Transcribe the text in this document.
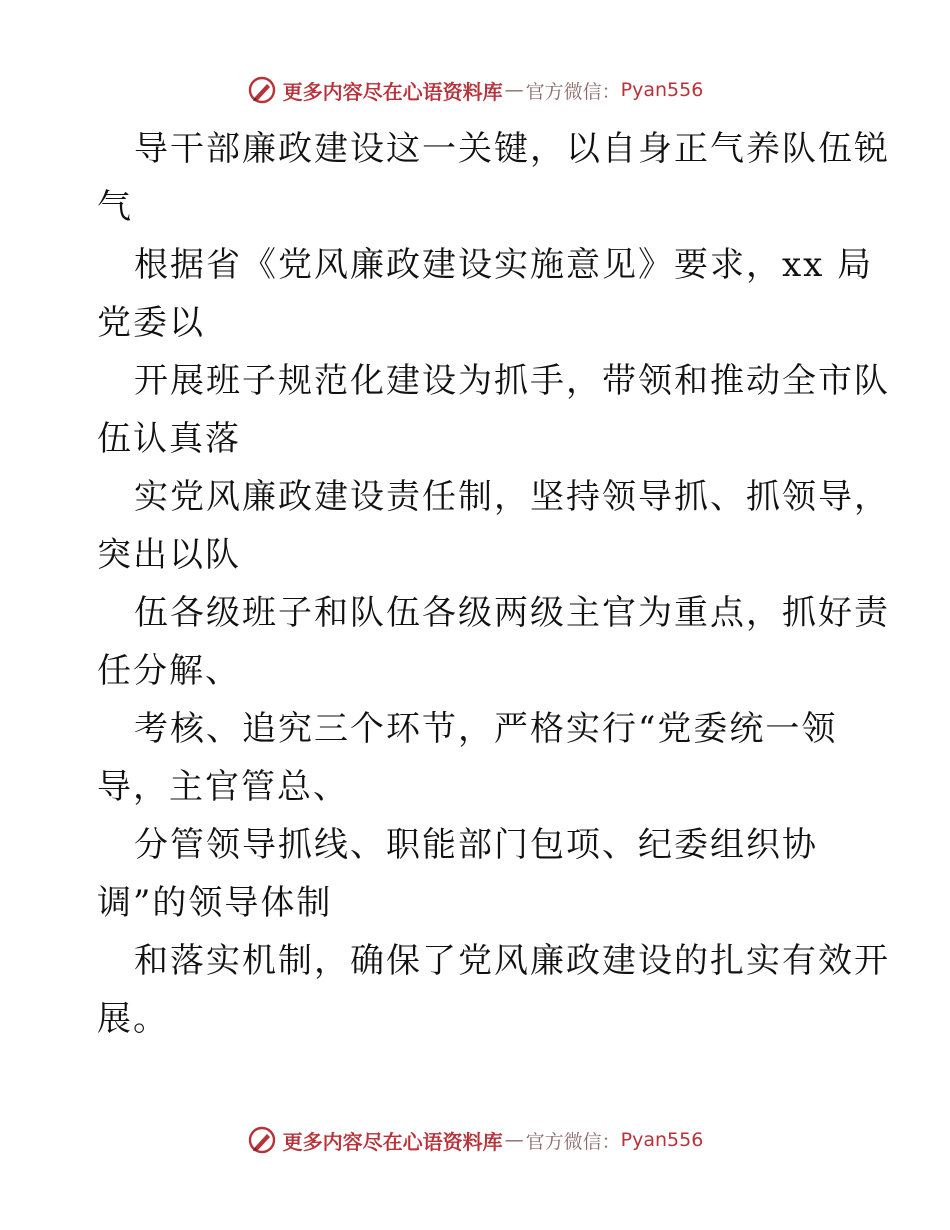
更多内容尽在心语资料库 — 官方微信： Pyan556
导干部廉政建设这一关键，以自身正气养队伍锐
气
根据省《党风廉政建设实施意见》要求，xx 局
党委以
开展班子规范化建设为抓手，带领和推动全市队
伍认真落
实党风廉政建设责任制，坚持领导抓、抓领导，
突出以队
伍各级班子和队伍各级两级主官为重点，抓好责
任分解、
考核、追究三个环节，严格实行“党委统一领
导，主官管总、
分管领导抓线、职能部门包项、纪委组织协
调”的领导体制
和落实机制，确保了党风廉政建设的扎实有效开
展。
更多内容尽在心语资料库 — 官方微信： Pyan556
